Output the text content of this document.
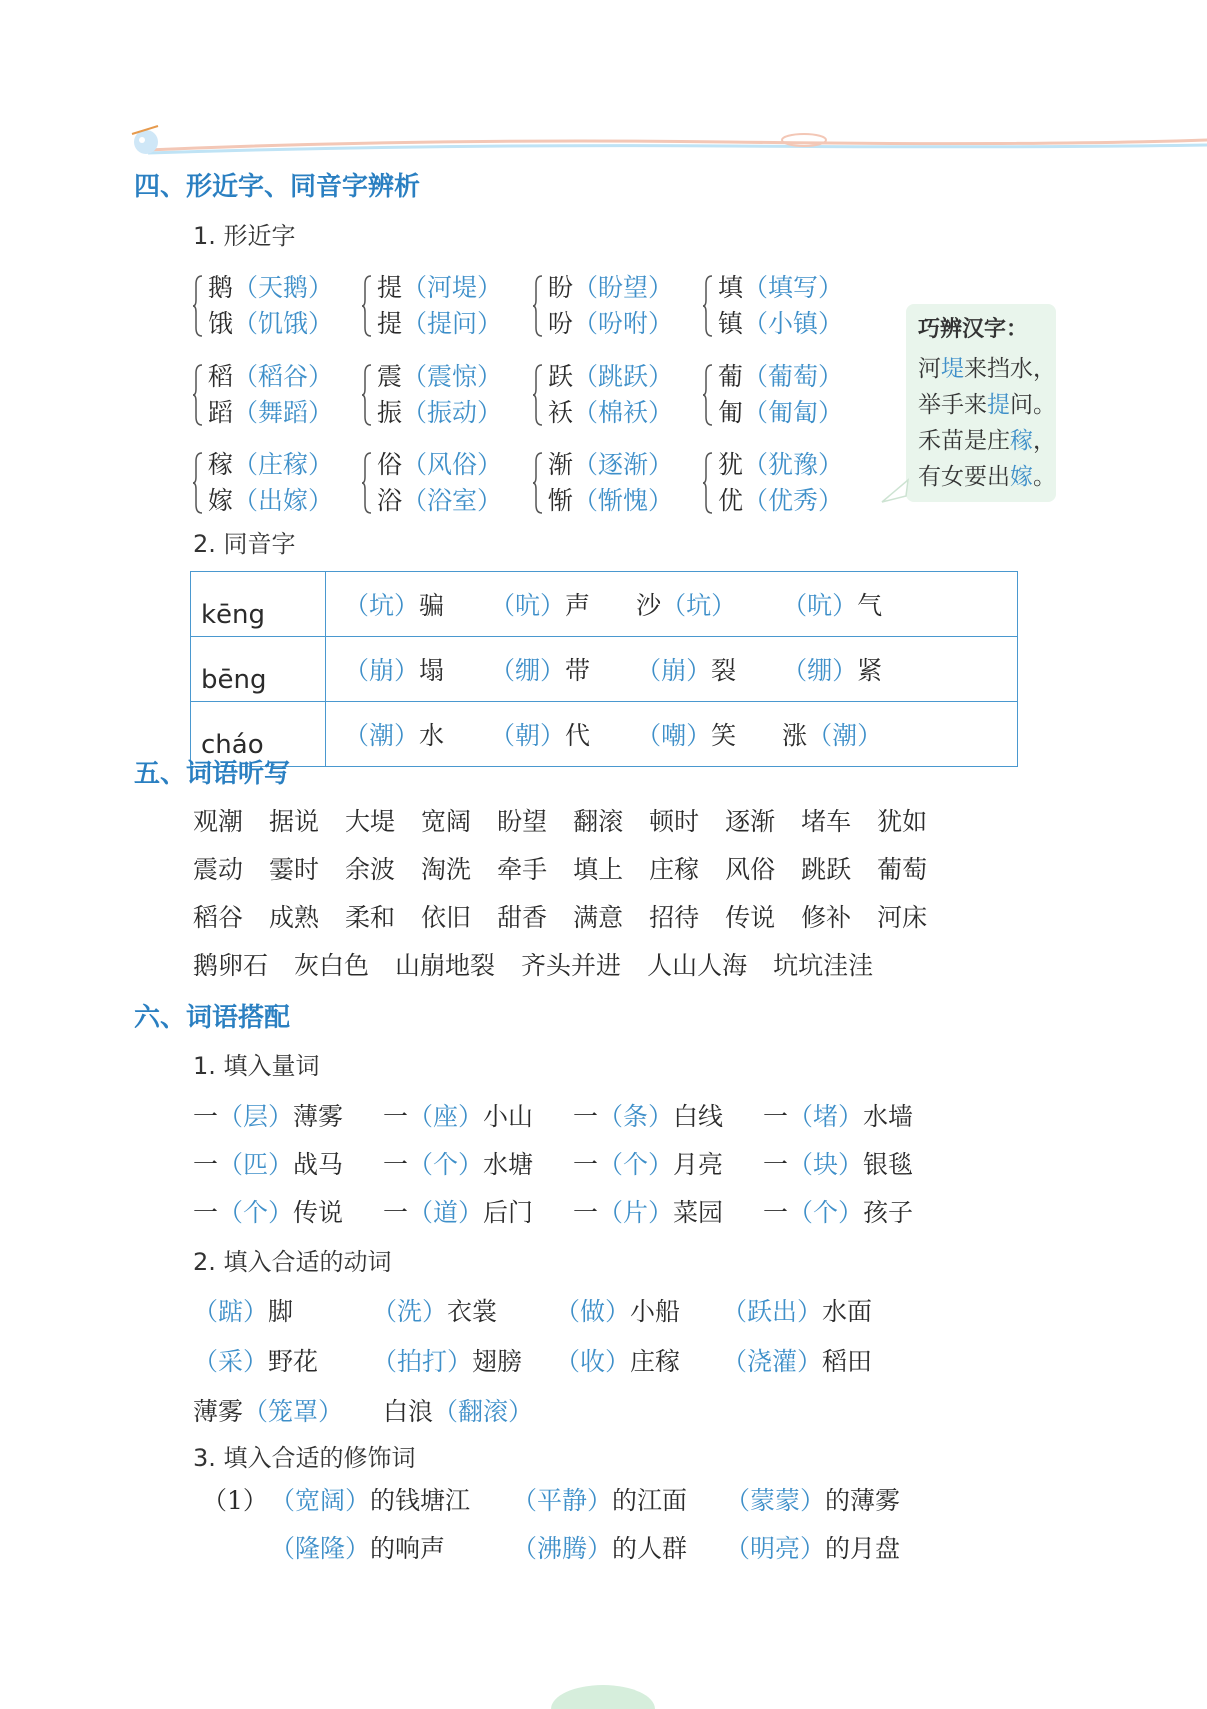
四、形近字、同音字辨析
1. 形近字
鹅（天鹅）
饿（饥饿）
提（河堤）
提（提问）
盼（盼望）
吩（吩咐）
填（填写）
镇（小镇）
稻（稻谷）
蹈（舞蹈）
震（震惊）
振（振动）
跃（跳跃）
袄（棉袄）
葡（葡萄）
匍（匍匐）
稼（庄稼）
嫁（出嫁）
俗（风俗）
浴（浴室）
渐（逐渐）
惭（惭愧）
犹（犹豫）
优（优秀）
巧辨汉字：
河堤来挡水，
举手来提问。
禾苗是庄稼，
有女要出嫁。
2. 同音字
kēng	（坑）骗 （吭）声 沙（坑） （吭）气
bēng	（崩）塌 （绷）带 （崩）裂 （绷）紧
cháo	（潮）水 （朝）代 （嘲）笑 涨（潮）
五、词语听写
观潮 据说 大堤 宽阔 盼望 翻滚 顿时 逐渐 堵车 犹如
震动 霎时 余波 淘洗 牵手 填上 庄稼 风俗 跳跃 葡萄
稻谷 成熟 柔和 依旧 甜香 满意 招待 传说 修补 河床
鹅卵石 灰白色 山崩地裂 齐头并进 人山人海 坑坑洼洼
六、词语搭配
1. 填入量词
一（层）薄雾 一（座）小山 一（条）白线 一（堵）水墙
一（匹）战马 一（个）水塘 一（个）月亮 一（块）银毯
一（个）传说 一（道）后门 一（片）菜园 一（个）孩子
2. 填入合适的动词
（踮）脚	（洗）衣裳 （做）小船 （跃出）水面
（采）野花 （拍打）翅膀 （收）庄稼 （浇灌）稻田
薄雾（笼罩） 白浪（翻滚）
3. 填入合适的修饰词
（1） （宽阔）的钱塘江 （平静）的江面 （蒙蒙）的薄雾
（隆隆）的响声	（沸腾）的人群 （明亮）的月盘
